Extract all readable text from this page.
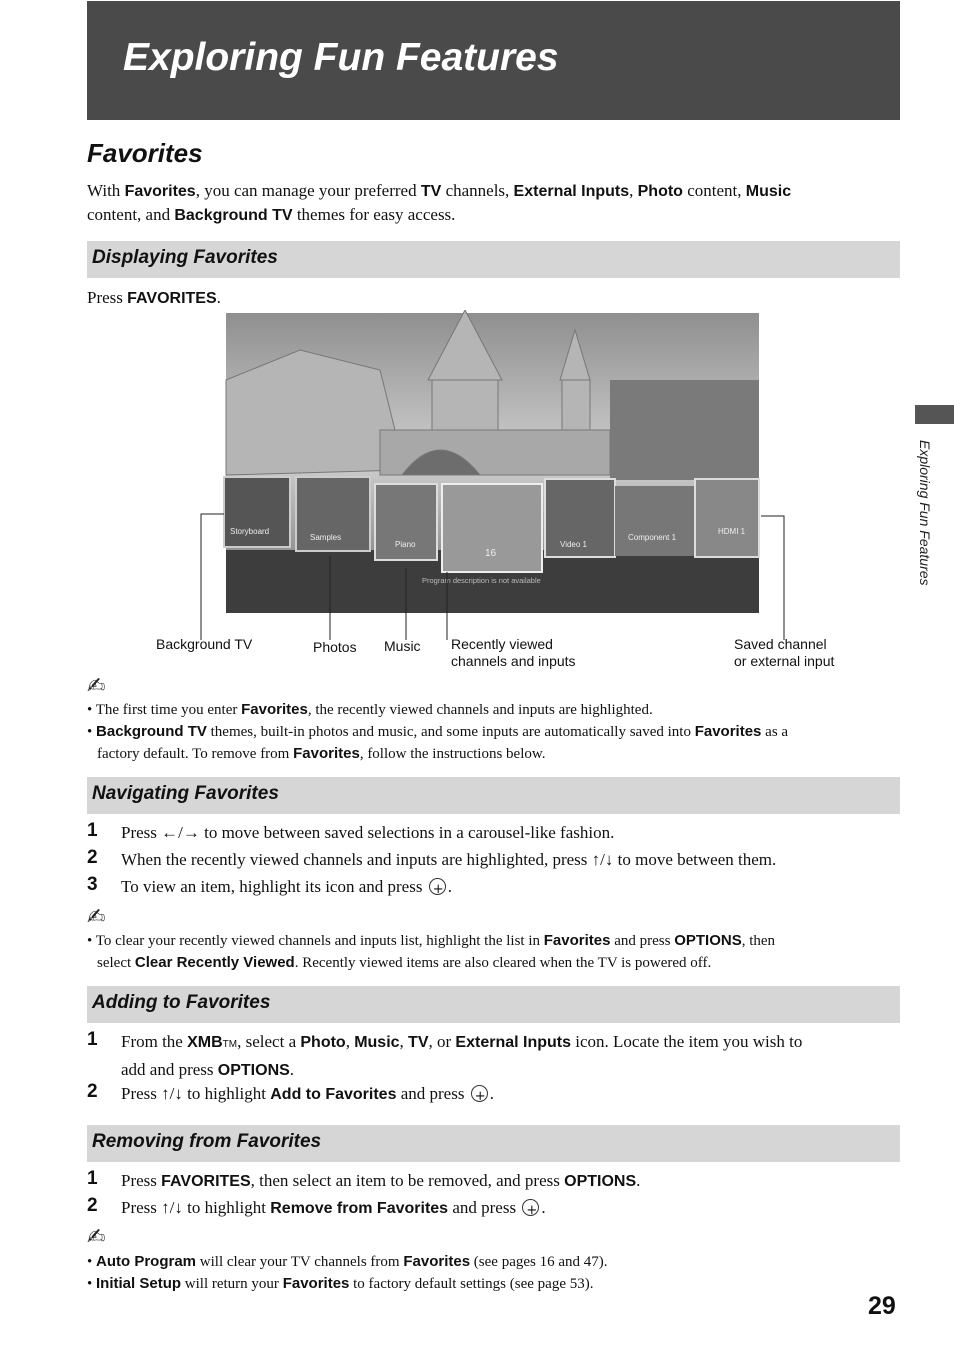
Exploring Fun Features
Exploring Fun Features
Favorites
With Favorites, you can manage your preferred TV channels, External Inputs, Photo content, Music
content, and Background TV themes for easy access.
Displaying Favorites
Press FAVORITES.
Storyboard
Samples
Piano
16
Video 1
Component 1
HDMI 1
Program description is not available
Background TV	Photos Music Recently viewed
channels and inputs
Saved channel
or external input
✍
• The first time you enter Favorites, the recently viewed channels and inputs are highlighted.
• Background TV themes, built-in photos and music, and some inputs are automatically saved into Favorites as a
factory default. To remove from Favorites, follow the instructions below.
Navigating Favorites
1 Press ←/→ to move between saved selections in a carousel-like fashion.
2 When the recently viewed channels and inputs are highlighted, press ↑/↓ to move between them.
3 To view an item, highlight its icon and press +.
✍
• To clear your recently viewed channels and inputs list, highlight the list in Favorites and press OPTIONS, then
select Clear Recently Viewed. Recently viewed items are also cleared when the TV is powered off.
Adding to Favorites
1 From the XMBTM, select a Photo, Music, TV, or External Inputs icon. Locate the item you wish to
add and press OPTIONS.
2 Press ↑/↓ to highlight Add to Favorites and press +.
Removing from Favorites
1 Press FAVORITES, then select an item to be removed, and press OPTIONS.
2 Press ↑/↓ to highlight Remove from Favorites and press +.
✍
• Auto Program will clear your TV channels from Favorites (see pages 16 and 47).
• Initial Setup will return your Favorites to factory default settings (see page 53).
29
